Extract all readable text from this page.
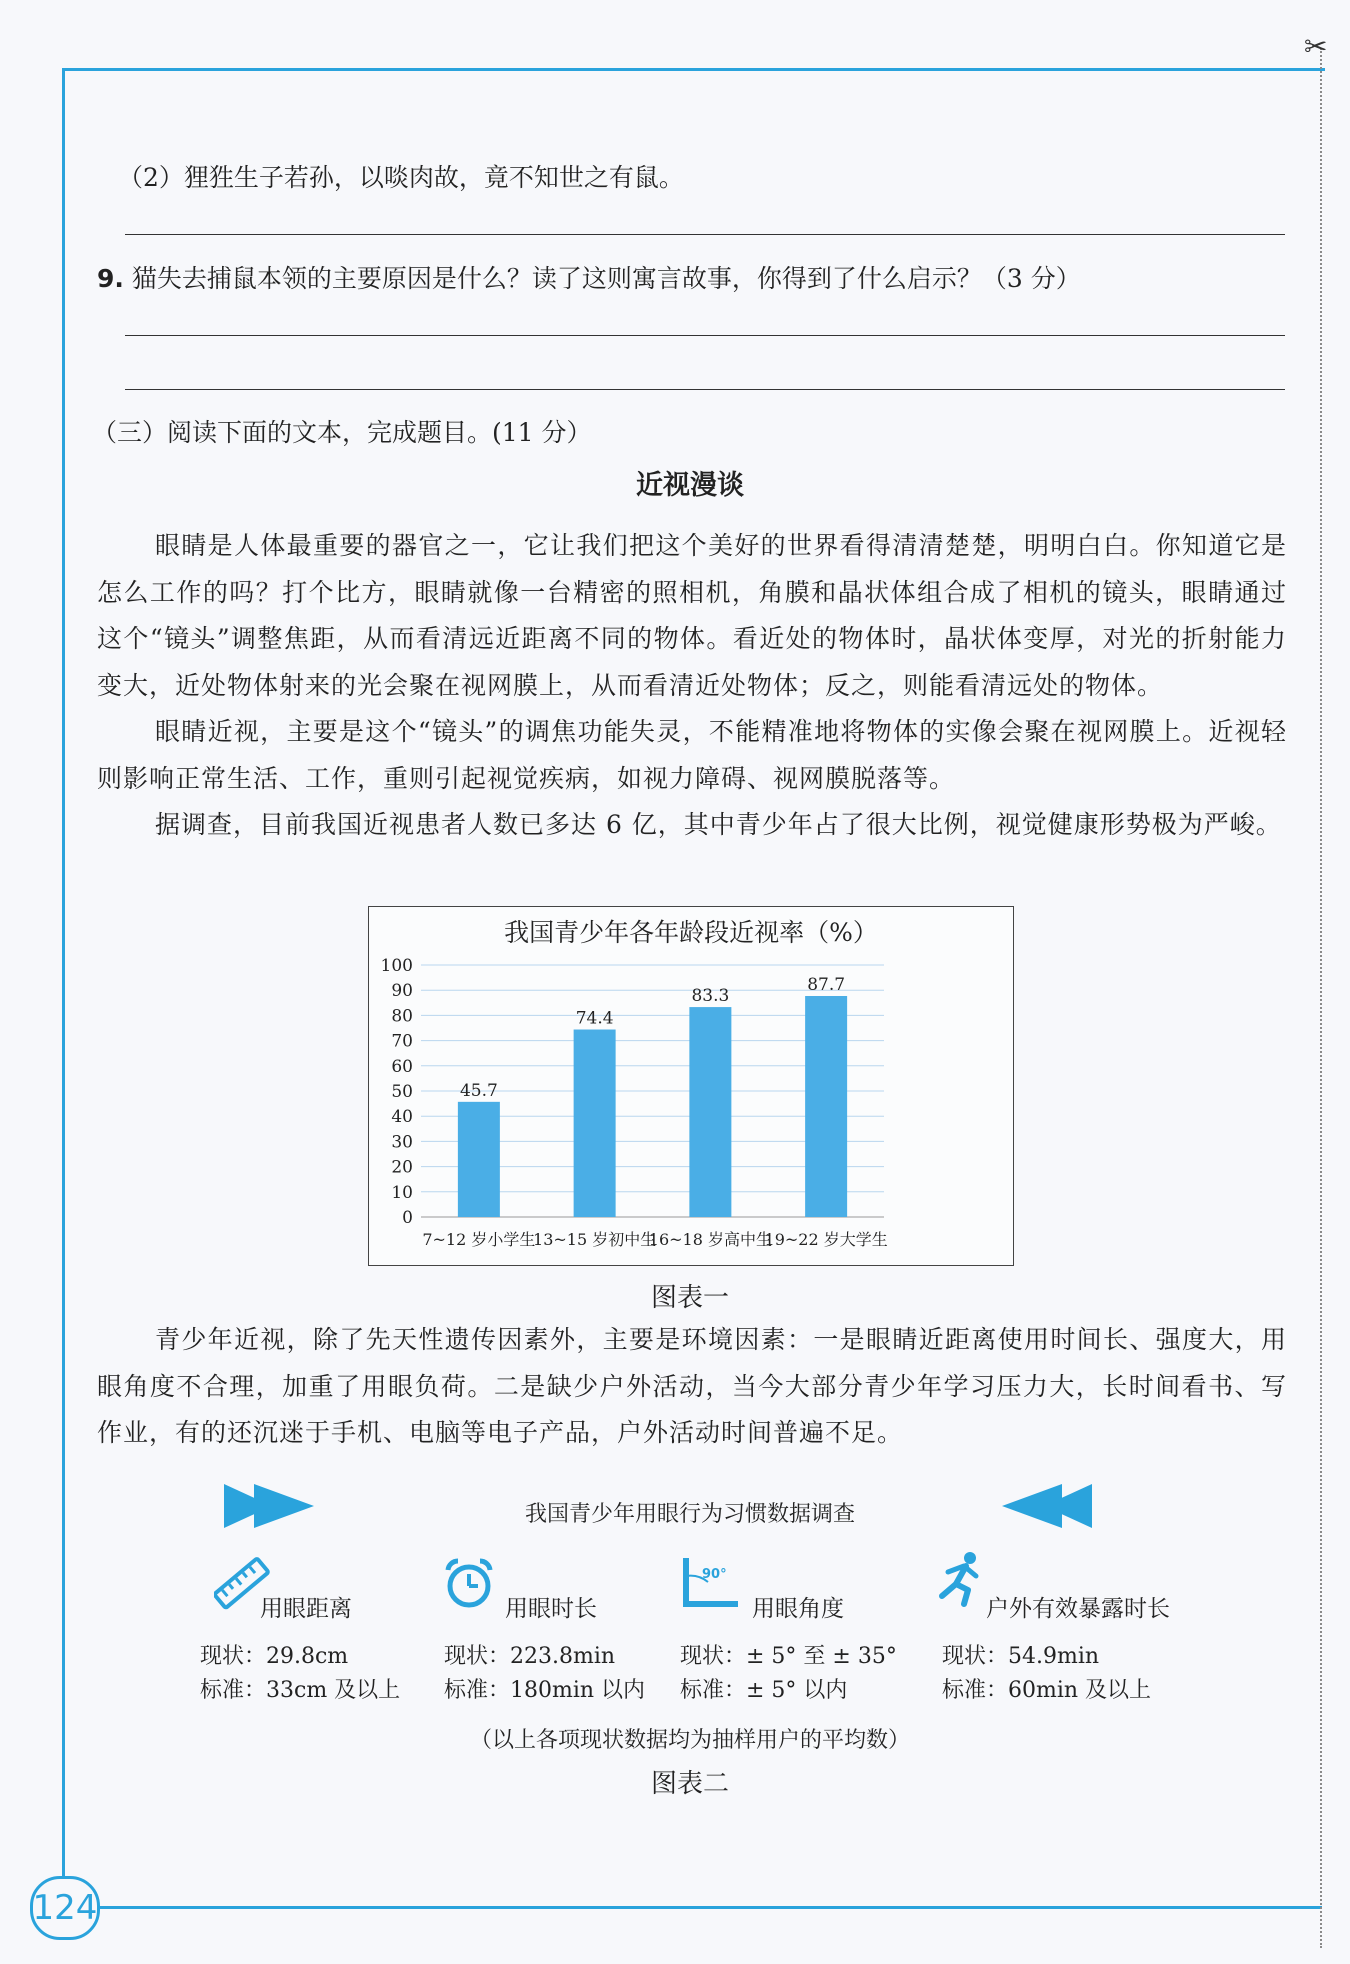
✂
124
（2）狸狌生子若孙，以啖肉故，竟不知世之有鼠。
9. 猫失去捕鼠本领的主要原因是什么？读了这则寓言故事，你得到了什么启示？（3 分）
（三）阅读下面的文本，完成题目。(11 分）
近视漫谈

眼睛是人体最重要的器官之一，它让我们把这个美好的世界看得清清楚楚，明明白白。你知道它是怎么工作的吗？打个比方，眼睛就像一台精密的照相机，角膜和晶状体组合成了相机的镜头，眼睛通过这个“镜头”调整焦距，从而看清远近距离不同的物体。看近处的物体时，晶状体变厚，对光的折射能力变大，近处物体射来的光会聚在视网膜上，从而看清近处物体；反之，则能看清远处的物体。

眼睛近视，主要是这个“镜头”的调焦功能失灵，不能精准地将物体的实像会聚在视网膜上。近视轻则影响正常生活、工作，重则引起视觉疾病，如视力障碍、视网膜脱落等。

据调查，目前我国近视患者人数已多达 6 亿，其中青少年占了很大比例，视觉健康形势极为严峻。

我国青少年各年龄段近视率（%）
0
10
20
30
40
50
60
70
80
90
100
45.7
7~12 岁小学生
74.4
13~15 岁初中生
83.3
16~18 岁高中生
87.7
19~22 岁大学生
图表一

青少年近视，除了先天性遗传因素外，主要是环境因素：一是眼睛近距离使用时间长、强度大，用眼角度不合理，加重了用眼负荷。二是缺少户外活动，当今大部分青少年学习压力大，长时间看书、写作业，有的还沉迷于手机、电脑等电子产品，户外活动时间普遍不足。

我国青少年用眼行为习惯数据调查
用眼距离
现状：29.8cm
标准：33cm 及以上
用眼时长
现状：223.8min
标准：180min 以内
90°
用眼角度
现状：± 5° 至 ± 35°
标准：± 5° 以内
户外有效暴露时长
现状：54.9min
标准：60min 及以上
（以上各项现状数据均为抽样用户的平均数）
图表二
